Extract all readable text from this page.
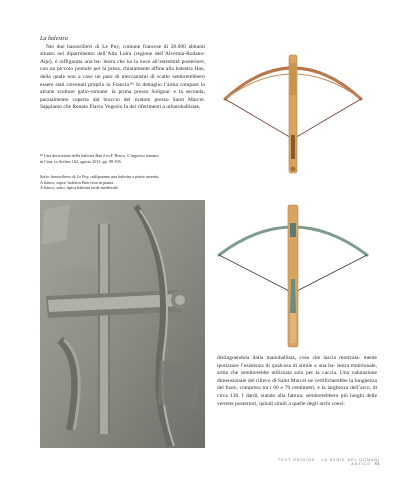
La balestra

Nei due bassorilievi di Le Puy, comune francese di 20.000 abitanti situato nel dipartimento dell’Alta Loira (regione dell’Alvernia-Rodano-Alpi), è raffigurata una ba- lestra che ha la noce all’estremità posteriore, con un piccolo pomolo per la presa, chiaramente affine alla balestra Han, della quale non a caso un paio di meccanismi di scatto sembrerebbero essere stati rinvenuti proprio in Francia.⁸⁶ In dettaglio l’arma compare in alcune sculture gallo-romane: la prima presso Solignac e la seconda, parzialmente coperta dal braccio del tiratore presso Saint Marcel. Sappiamo che Renato Flavio Vegezio fa dei riferimenti a urbaroballistae,
⁸⁶ Una descrizione della balestra Han è in F. Bosco, L’ingresso romano
in Cina, in Archeo 162, agosto 2013, pp. 98-105.
Sotto: bassorilievo di Le Puy, raffigurante una balestra a pietre inserita.
A fianco, sopra: balestra Han vista in pianta.
A fianco, sotto: tipica balestra tarda medievale.
distinguendola dalla manuballista, cosa che lascia motivata- mente ipotizzare l’esistenza di qualcosa di simile a una ba- lestra embrionale, arma che sembrerebbe utilizzata solo per la caccia. Una valutazione dimensionale del rilievo di Saint Marcel ne certificherebbe la lunghezza del fusto, compresa tra i 60 e 70 centimetri, e la larghezza dell’arco, di circa 130. I dardi, stando alla fattura, sembrerebbero più lunghi delle verrette posteriori, quindi simili a quelle degli archi coevi.
TEXT ORIGINE · LA SERIE DEL DOMANI ANTICO 61
